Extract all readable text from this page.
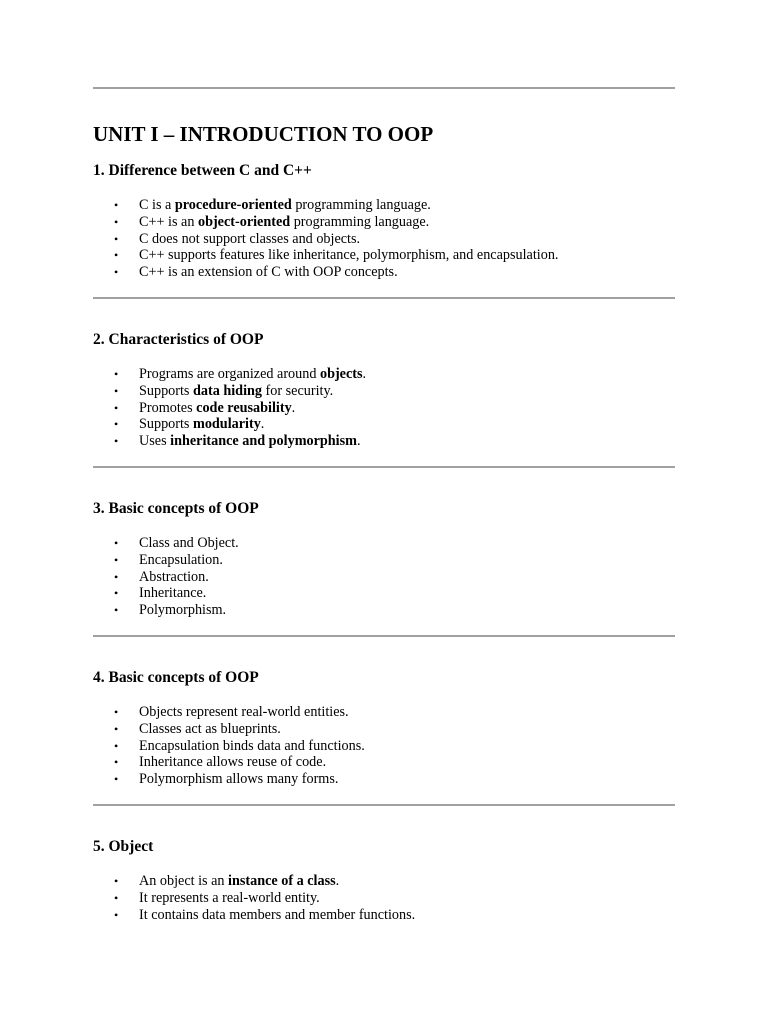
UNIT I – INTRODUCTION TO OOP
1. Difference between C and C++
• C is a procedure-oriented programming language.
• C++ is an object-oriented programming language.
• C does not support classes and objects.
• C++ supports features like inheritance, polymorphism, and encapsulation.
• C++ is an extension of C with OOP concepts.
2. Characteristics of OOP
• Programs are organized around objects.
• Supports data hiding for security.
• Promotes code reusability.
• Supports modularity.
• Uses inheritance and polymorphism.
3. Basic concepts of OOP
• Class and Object.
• Encapsulation.
• Abstraction.
• Inheritance.
• Polymorphism.
4. Basic concepts of OOP
• Objects represent real-world entities.
• Classes act as blueprints.
• Encapsulation binds data and functions.
• Inheritance allows reuse of code.
• Polymorphism allows many forms.
5. Object
• An object is an instance of a class.
• It represents a real-world entity.
• It contains data members and member functions.
